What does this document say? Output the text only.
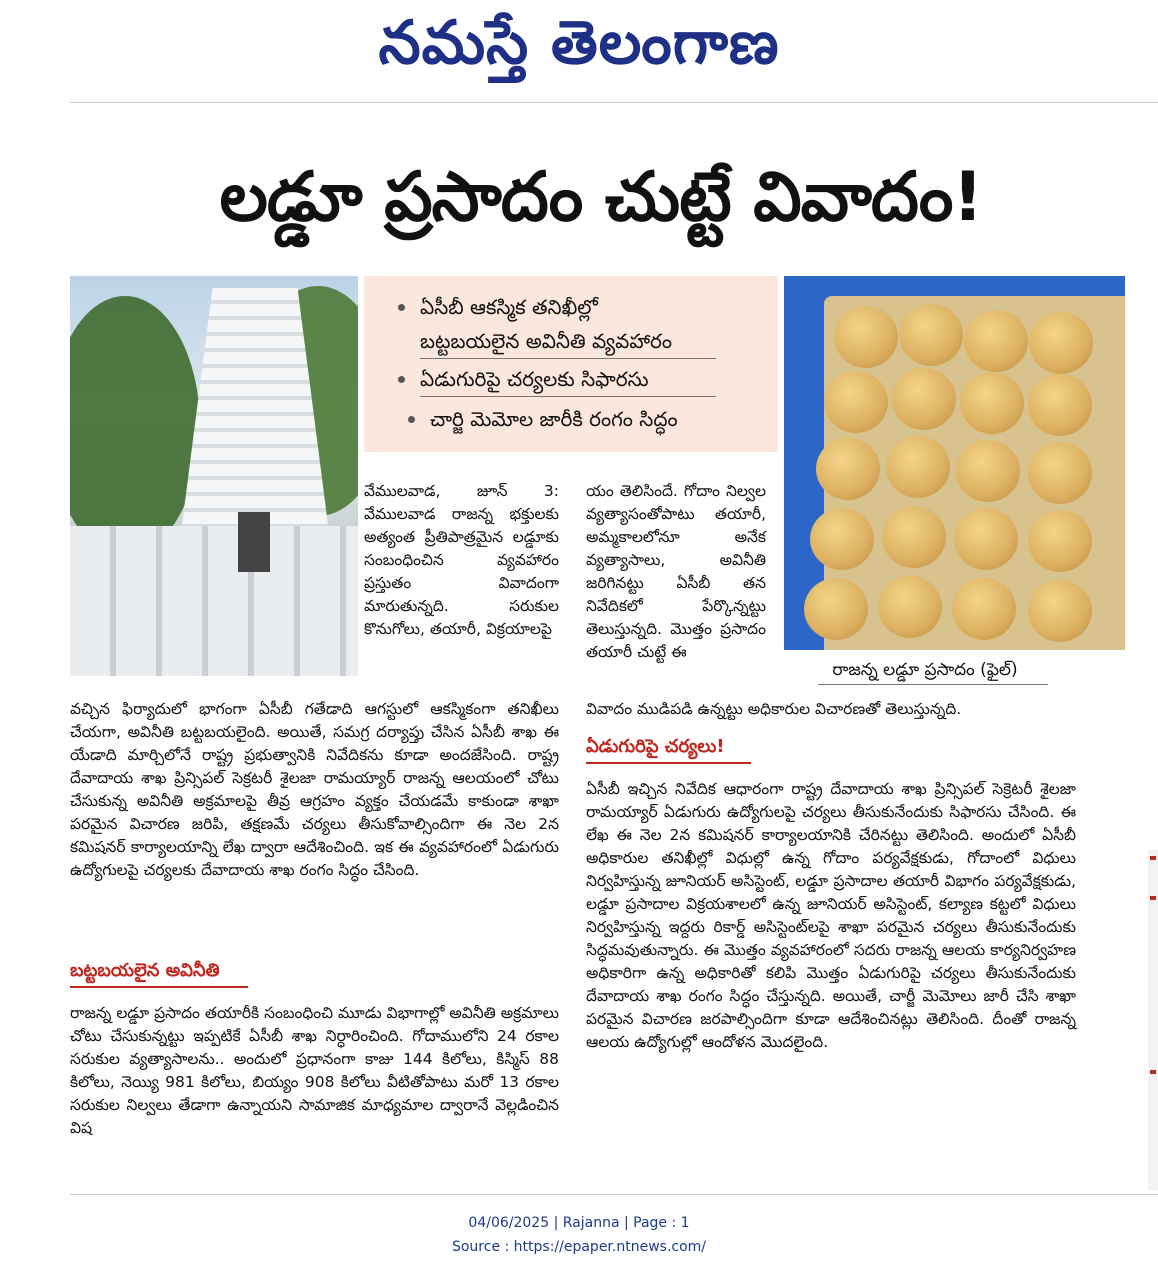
నమస్తే తెలంగాణ
లడ్డూ ప్రసాదం చుట్టే వివాదం!
ఏసీబీ ఆకస్మిక తనిఖీల్లో
బట్టబయలైన అవినీతి వ్యవహారం
ఏడుగురిపై చర్యలకు సిఫారసు
చార్జి మెమోల జారీకి రంగం సిద్ధం
రాజన్న లడ్డూ ప్రసాదం (ఫైల్)
వేములవాడ, జూన్ 3: వేములవాడ రాజన్న భక్తులకు అత్యంత ప్రీతిపాత్రమైన లడ్డూకు సంబంధించిన వ్యవహారం ప్రస్తుతం వివాదంగా మారుతున్నది. సరుకుల కొనుగోలు, తయారీ, విక్రయాలపై
వచ్చిన ఫిర్యాదులో భాగంగా ఏసీబీ గతేడాది ఆగస్టులో ఆకస్మికంగా తనిఖీలు చేయగా, అవినీతి బట్టబయలైంది. అయితే, సమగ్ర దర్యాప్తు చేసిన ఏసీబీ శాఖ ఈ యేడాది మార్చిలోనే రాష్ట్ర ప్రభుత్వానికి నివేదికను కూడా అందజేసింది. రాష్ట్ర దేవాదాయ శాఖ ప్రిన్సిపల్ సెక్రటరీ శైలజా రామయ్యార్ రాజన్న ఆలయంలో చోటు చేసుకున్న అవినీతి అక్రమాలపై తీవ్ర ఆగ్రహం వ్యక్తం చేయడమే కాకుండా శాఖా పరమైన విచారణ జరిపి, తక్షణమే చర్యలు తీసుకోవాల్సిందిగా ఈ నెల 2న కమిషనర్ కార్యాలయాన్ని లేఖ ద్వారా ఆదేశించింది. ఇక ఈ వ్యవహారంలో ఏడుగురు ఉద్యోగులపై చర్యలకు దేవాదాయ శాఖ రంగం సిద్ధం చేసింది.
బట్టబయలైన అవినీతి
రాజన్న లడ్డూ ప్రసాదం తయారీకి సంబంధించి మూడు విభాగాల్లో అవినీతి అక్రమాలు చోటు చేసుకున్నట్టు ఇప్పటికే ఏసీబీ శాఖ నిర్ధారించింది. గోదాములోని 24 రకాల సరుకుల వ్యత్యాసాలను.. అందులో ప్రధానంగా కాజు 144 కిలోలు, కిస్మిస్ 88 కిలోలు, నెయ్యి 981 కిలోలు, బియ్యం 908 కిలోలు వీటితోపాటు మరో 13 రకాల సరుకుల నిల్వలు తేడాగా ఉన్నాయని సామాజిక మాధ్యమాల ద్వారానే వెల్లడించిన విష
యం తెలిసిందే. గోదాం నిల్వల వ్యత్యాసంతోపాటు తయారీ, అమ్మకాలలోనూ అనేక వ్యత్యాసాలు, అవినీతి జరిగినట్టు ఏసీబీ తన నివేదికలో పేర్కొన్నట్టు తెలుస్తున్నది. మొత్తం ప్రసాదం తయారీ చుట్టే ఈ
వివాదం ముడిపడి ఉన్నట్టు అధికారుల విచారణతో తెలుస్తున్నది.
ఏడుగురిపై చర్యలు!
ఏసీబీ ఇచ్చిన నివేదిక ఆధారంగా రాష్ట్ర దేవాదాయ శాఖ ప్రిన్సిపల్ సెక్రెటరీ శైలజా రామయ్యార్ ఏడుగురు ఉద్యోగులపై చర్యలు తీసుకునేందుకు సిఫారసు చేసింది. ఈ లేఖ ఈ నెల 2న కమిషనర్ కార్యాలయానికి చేరినట్టు తెలిసింది. అందులో ఏసీబీ అధికారుల తనిఖీల్లో విధుల్లో ఉన్న గోదాం పర్యవేక్షకుడు, గోదాంలో విధులు నిర్వహిస్తున్న జూనియర్ అసిస్టెంట్, లడ్డూ ప్రసాదాల తయారీ విభాగం పర్యవేక్షకుడు, లడ్డూ ప్రసాదాల విక్రయశాలలో ఉన్న జూనియర్ అసిస్టెంట్, కల్యాణ కట్టలో విధులు నిర్వహిస్తున్న ఇద్దరు రికార్డ్ అసిస్టెంట్‌లపై శాఖా పరమైన చర్యలు తీసుకునేందుకు సిద్ధమవుతున్నారు. ఈ మొత్తం వ్యవహారంలో సదరు రాజన్న ఆలయ కార్యనిర్వహణ అధికారిగా ఉన్న అధికారితో కలిపి మొత్తం ఏడుగురిపై చర్యలు తీసుకునేందుకు దేవాదాయ శాఖ రంగం సిద్ధం చేస్తున్నది. అయితే, చార్జీ మెమోలు జారీ చేసి శాఖా పరమైన విచారణ జరపాల్సిందిగా కూడా ఆదేశించినట్లు తెలిసింది. దీంతో రాజన్న ఆలయ ఉద్యోగుల్లో ఆందోళన మొదలైంది.
04/06/2025 | Rajanna | Page : 1
Source : https://epaper.ntnews.com/
